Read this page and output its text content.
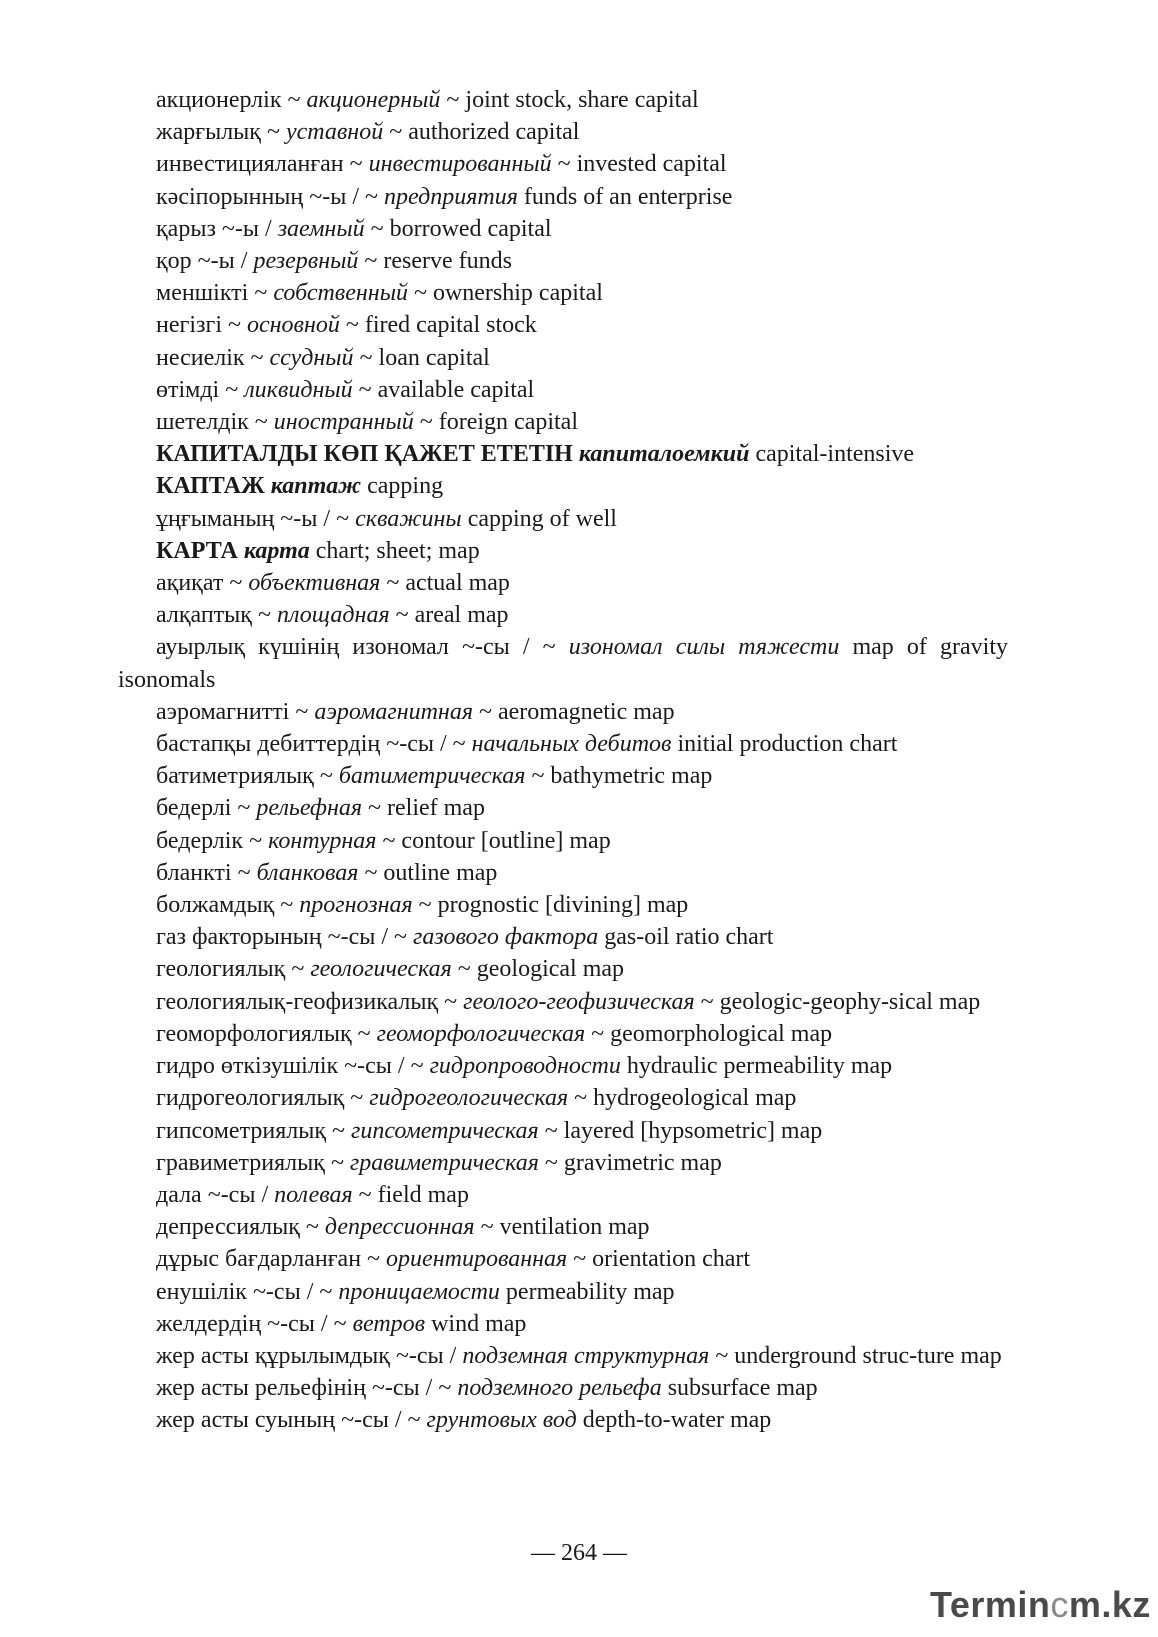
акционерлік ~ акционерный ~ joint stock, share capital
жарғылық ~ уставной ~ authorized capital
инвестицияланған ~ инвестированный ~ invested capital
кәсіпорынның ~-ы / ~ предприятия funds of an enterprise
қарыз ~-ы / заемный ~ borrowed capital
қор ~-ы / резервный ~ reserve funds
меншікті ~ собственный ~ ownership capital
негізгі ~ основной ~ fired capital stock
несиелік ~ ссудный ~ loan capital
өтімді ~ ликвидный ~ available capital
шетелдік ~ иностранный ~ foreign capital
КАПИТАЛДЫ КӨП ҚАЖЕТ ЕТЕТІН капиталоемкий capital-intensive
КАПТАЖ каптаж capping
ұңғыманың ~-ы / ~ скважины capping of well
КАРТА карта chart; sheet; map
ақиқат ~ объективная ~ actual map
алқаптық ~ площадная ~ areal map
ауырлық күшінің изономал ~-сы / ~ изономал силы тяжести map of gravity isonomals
аэромагнитті ~ аэромагнитная ~ aeromagnetic map
бастапқы дебиттердің ~-сы / ~ начальных дебитов initial production chart
батиметриялық ~ батиметрическая ~ bathymetric map
бедерлі ~ рельефная ~ relief map
бедерлік ~ контурная ~ contour [outline] map
бланкті ~ бланковая ~ outline map
болжамдық ~ прогнозная ~ prognostic [divining] map
газ факторының ~-сы / ~ газового фактора gas-oil ratio chart
геологиялық ~ геологическая ~ geological map
геологиялық-геофизикалық ~ геолого-геофизическая ~ geologic-geophy-sical map
геоморфологиялық ~ геоморфологическая ~ geomorphological map
гидро өткізушілік ~-сы / ~ гидропроводности hydraulic permeability map
гидрогеологиялық ~ гидрогеологическая ~ hydrogeological map
гипсометриялық ~ гипсометрическая ~ layered [hypsometric] map
гравиметриялық ~ гравиметрическая ~ gravimetric map
дала ~-сы / полевая ~ field map
депрессиялық ~ депрессионная ~ ventilation map
дұрыс бағдарланған ~ ориентированная ~ orientation chart
енушілік ~-сы / ~ проницаемости permeability map
желдердің ~-сы / ~ ветров wind map
жер асты құрылымдық ~-сы / подземная структурная ~ underground struc-ture map
жер асты рельефінің ~-сы / ~ подземного рельефа subsurface map
жер асты суының ~-сы / ~ грунтовых вод depth-to-water map
— 264 —
Termincm.kz
